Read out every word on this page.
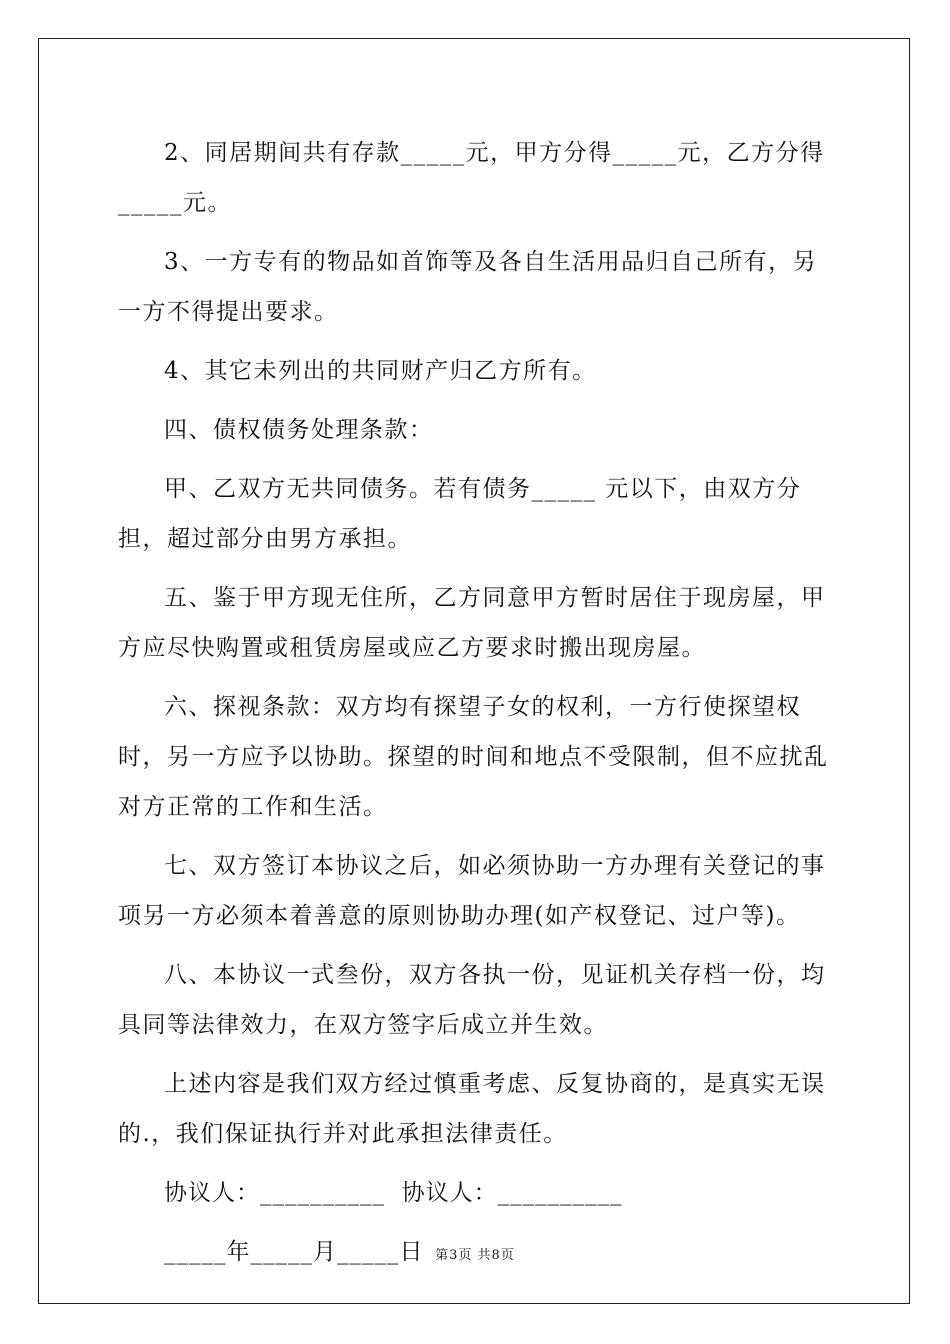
2、同居期间共有存款_____元，甲方分得_____元，乙方分得_____元。

3、一方专有的物品如首饰等及各自生活用品归自己所有，另一方不得提出要求。

4、其它未列出的共同财产归乙方所有。

四、债权债务处理条款：

甲、乙双方无共同债务。若有债务_____ 元以下，由双方分担，超过部分由男方承担。

五、鉴于甲方现无住所，乙方同意甲方暂时居住于现房屋，甲方应尽快购置或租赁房屋或应乙方要求时搬出现房屋。

六、探视条款：双方均有探望子女的权利，一方行使探望权时，另一方应予以协助。探望的时间和地点不受限制，但不应扰乱对方正常的工作和生活。

七、双方签订本协议之后，如必须协助一方办理有关登记的事项另一方必须本着善意的原则协助办理(如产权登记、过户等)。

八、本协议一式叁份，双方各执一份，见证机关存档一份，均具同等法律效力，在双方签字后成立并生效。

上述内容是我们双方经过慎重考虑、反复协商的，是真实无误的.，我们保证执行并对此承担法律责任。

协议人：__________  协议人：__________

_____年_____月_____日 第3页 共8页
